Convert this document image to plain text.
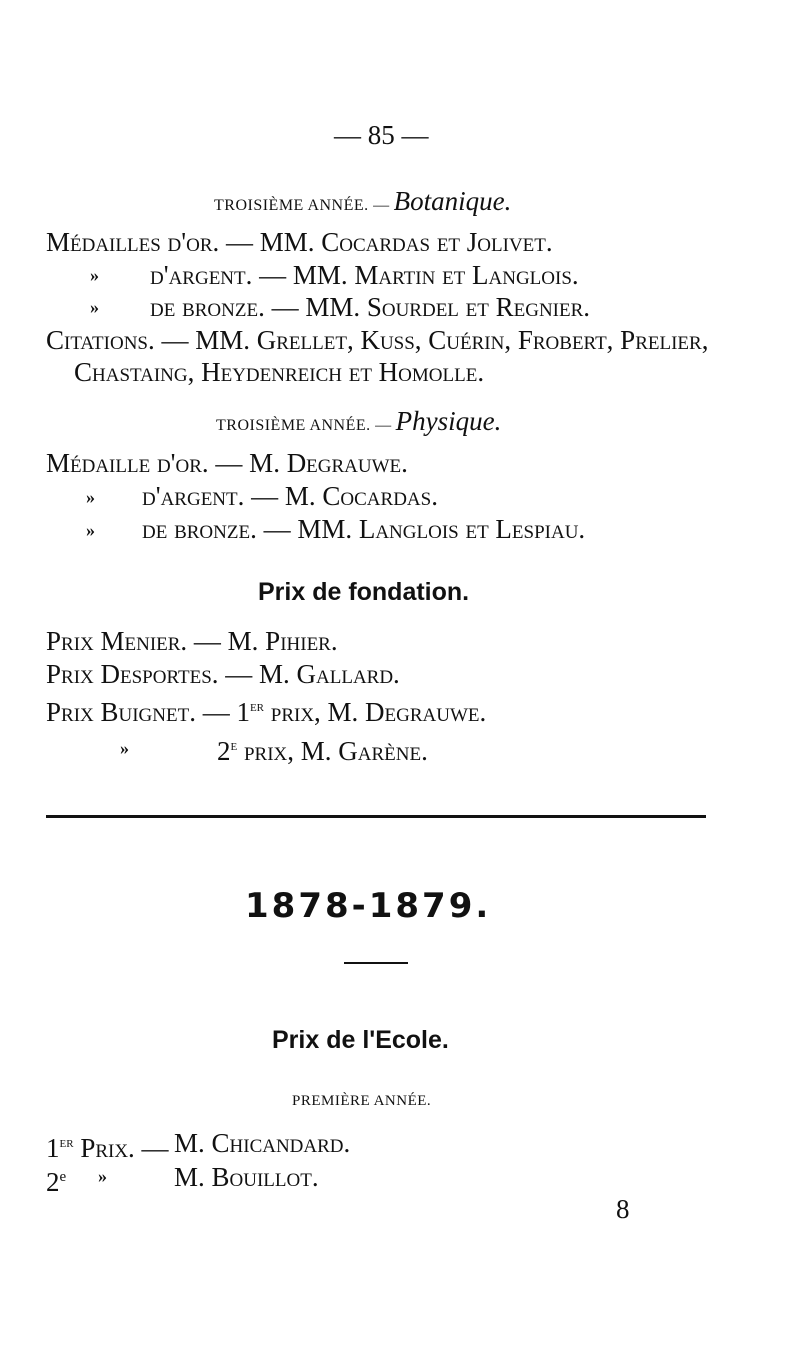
— 85 —
TROISIÈME ANNÉE. — Botanique.
Médailles d'or. — MM. Cocardas et Jolivet.
» d'argent. — MM. Martin et Langlois.
» de bronze. — MM. Sourdel et Regnier.
Citations. — MM. Grellet, Kuss, Cuérin, Frobert, Prelier,
Chastaing, Heydenreich et Homolle.
TROISIÈME ANNÉE. — Physique.
Médaille d'or. — M. Degrauwe.
» d'argent. — M. Cocardas.
» de bronze. — MM. Langlois et Lespiau.
Prix de fondation.
Prix Menier. — M. Pihier.
Prix Desportes. — M. Gallard.
Prix Buignet. — 1er prix, M. Degrauwe.
»	2e prix, M. Garène.
1878-1879.
Prix de l'Ecole.
PREMIÈRE ANNÉE.
1er Prix. — M. Chicandard.
2e » M. Bouillot.
8
